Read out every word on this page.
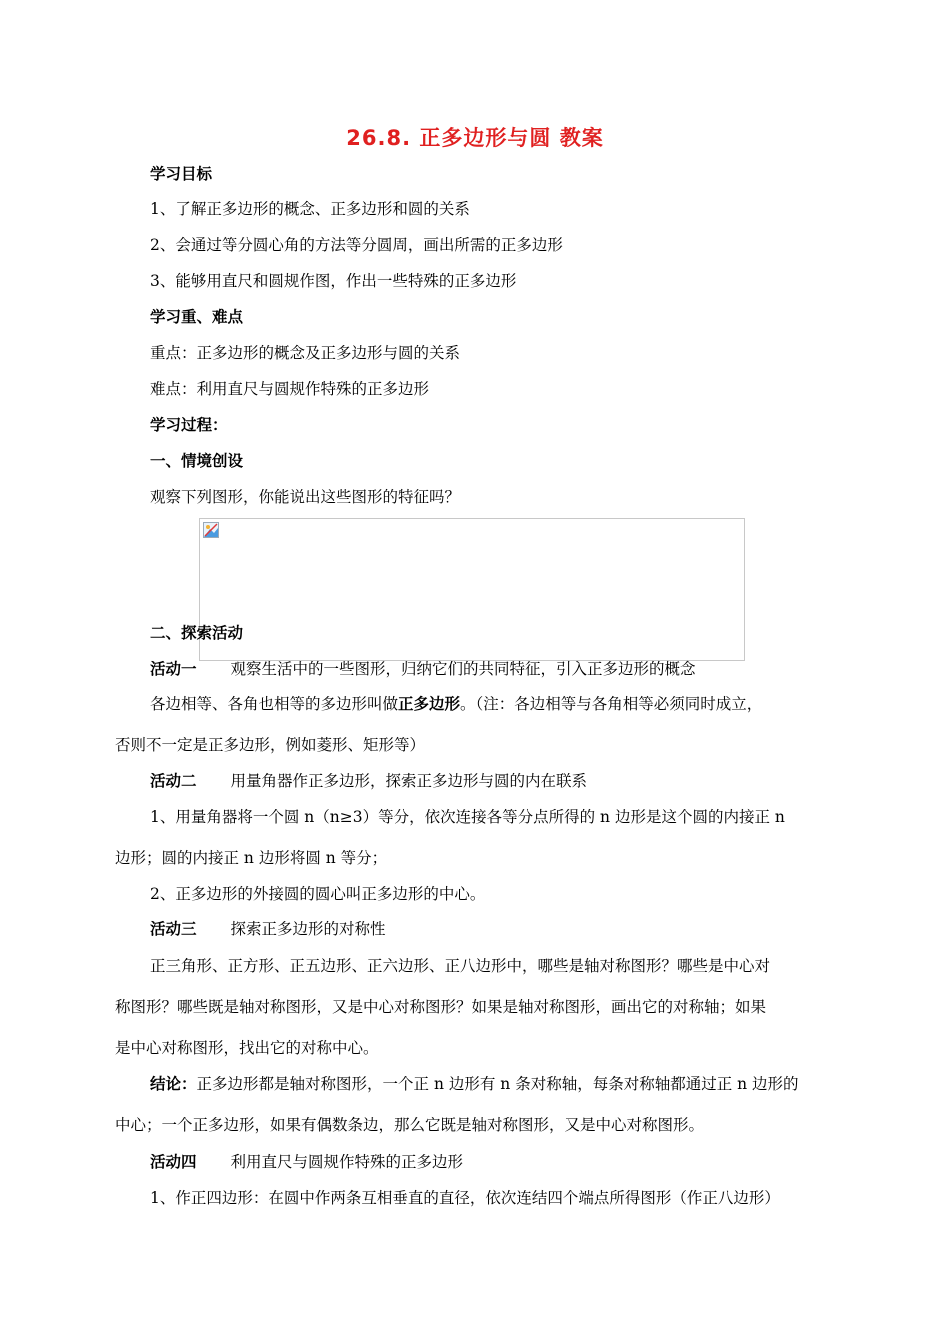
26.8. 正多边形与圆 教案
学习目标
1、了解正多边形的概念、正多边形和圆的关系
2、会通过等分圆心角的方法等分圆周，画出所需的正多边形
3、能够用直尺和圆规作图，作出一些特殊的正多边形
学习重、难点
重点：正多边形的概念及正多边形与圆的关系
难点：利用直尺与圆规作特殊的正多边形
学习过程：
一、情境创设
观察下列图形，你能说出这些图形的特征吗？
二、探索活动
活动一 观察生活中的一些图形，归纳它们的共同特征，引入正多边形的概念
各边相等、各角也相等的多边形叫做正多边形。（注：各边相等与各角相等必须同时成立，
否则不一定是正多边形，例如菱形、矩形等）
活动二 用量角器作正多边形，探索正多边形与圆的内在联系
1、用量角器将一个圆 n（n≥3）等分，依次连接各等分点所得的 n 边形是这个圆的内接正 n
边形；圆的内接正 n 边形将圆 n 等分；
2、正多边形的外接圆的圆心叫正多边形的中心。
活动三 探索正多边形的对称性
正三角形、正方形、正五边形、正六边形、正八边形中，哪些是轴对称图形？哪些是中心对
称图形？哪些既是轴对称图形，又是中心对称图形？如果是轴对称图形，画出它的对称轴；如果
是中心对称图形，找出它的对称中心。
结论：正多边形都是轴对称图形，一个正 n 边形有 n 条对称轴，每条对称轴都通过正 n 边形的
中心；一个正多边形，如果有偶数条边，那么它既是轴对称图形，又是中心对称图形。
活动四 利用直尺与圆规作特殊的正多边形
1、作正四边形：在圆中作两条互相垂直的直径，依次连结四个端点所得图形（作正八边形）
